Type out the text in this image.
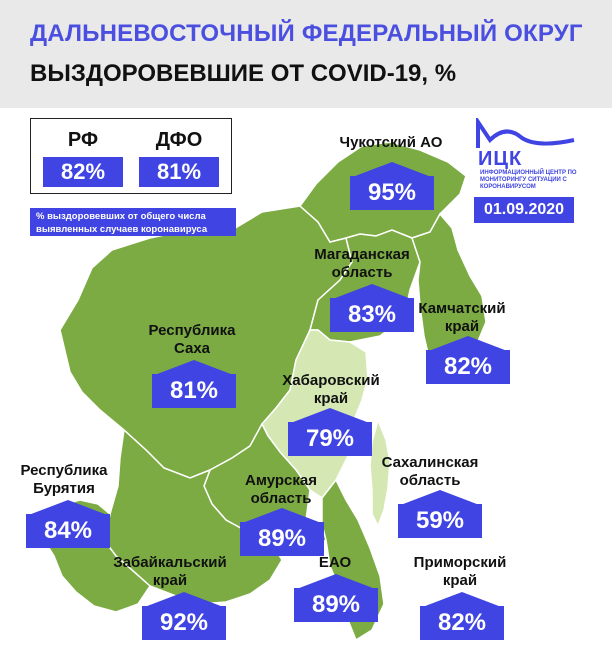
ДАЛЬНЕВОСТОЧНЫЙ ФЕДЕРАЛЬНЫЙ ОКРУГ
ВЫЗДОРОВЕВШИЕ ОТ COVID-19, %
РФ
82%
ДФО
81%
% выздоровевших от общего числа выявленных случаев коронавируса
ИЦК
ИНФОРМАЦИОННЫЙ ЦЕНТР ПО МОНИТОРИНГУ СИТУАЦИИ С КОРОНАВИРУСОМ
01.09.2020
Чукотский АО
95%
Магаданская область
83%	Камчатский край
82%
Республика Саха
81%	Хабаровский край
79%
Сахалинская область
59%
Республика Бурятия
84%
Амурская область
89%
Забайкальский край
92%
ЕАО
89%
Приморский край
82%
